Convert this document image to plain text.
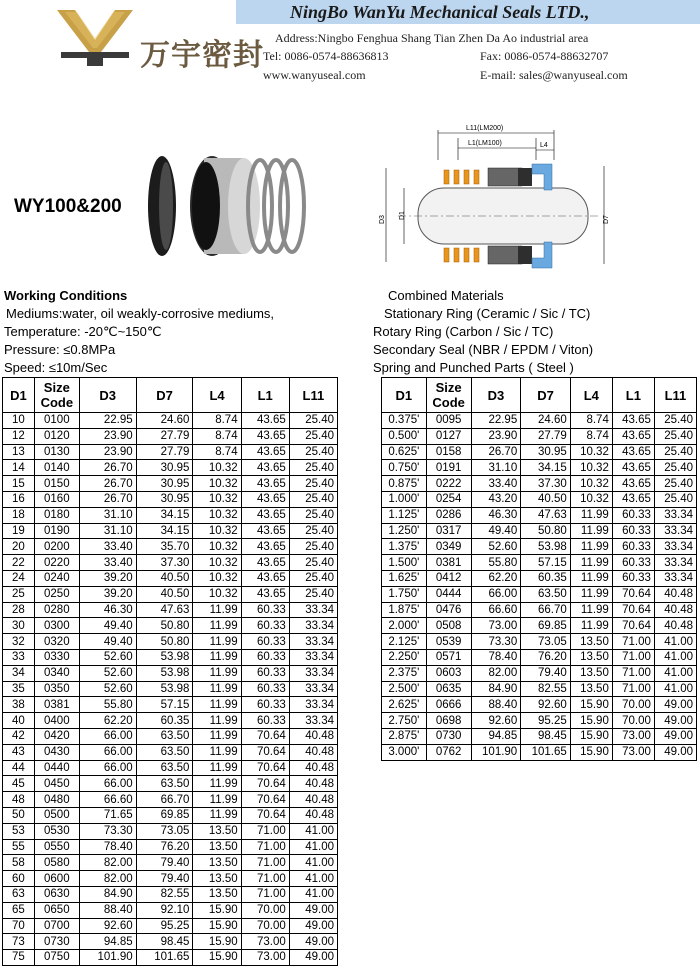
万宇密封
NingBo WanYu Mechanical Seals LTD.,
Address:Ningbo Fenghua Shang Tian Zhen Da Ao industrial area
Tel: 0086-0574-88636813	Fax: 0086-0574-88632707
www.wanyuseal.com	E-mail: sales@wanyuseal.com
WY100&200
L11(LM200)
L1(LM100)	L4
D3 D1	D7
Working Conditions
Mediums:water, oil weakly-corrosive mediums,
Temperature: -20℃~150℃
Pressure: ≤0.8MPa
Speed: ≤10m/Sec
Combined Materials
Stationary Ring (Ceramic / Sic / TC)
Rotary Ring (Carbon / Sic / TC)
Secondary Seal (NBR / EPDM / Viton)
Spring and Punched Parts ( Steel )
D1	Size Code	D3	D7	L4	L1	L11
10	0100	22.95	24.60	8.74	43.65	25.40
12	0120	23.90	27.79	8.74	43.65	25.40
13	0130	23.90	27.79	8.74	43.65	25.40
14	0140	26.70	30.95	10.32	43.65	25.40
15	0150	26.70	30.95	10.32	43.65	25.40
16	0160	26.70	30.95	10.32	43.65	25.40
18	0180	31.10	34.15	10.32	43.65	25.40
19	0190	31.10	34.15	10.32	43.65	25.40
20	0200	33.40	35.70	10.32	43.65	25.40
22	0220	33.40	37.30	10.32	43.65	25.40
24	0240	39.20	40.50	10.32	43.65	25.40
25	0250	39.20	40.50	10.32	43.65	25.40
28	0280	46.30	47.63	11.99	60.33	33.34
30	0300	49.40	50.80	11.99	60.33	33.34
32	0320	49.40	50.80	11.99	60.33	33.34
33	0330	52.60	53.98	11.99	60.33	33.34
34	0340	52.60	53.98	11.99	60.33	33.34
35	0350	52.60	53.98	11.99	60.33	33.34
38	0381	55.80	57.15	11.99	60.33	33.34
40	0400	62.20	60.35	11.99	60.33	33.34
42	0420	66.00	63.50	11.99	70.64	40.48
43	0430	66.00	63.50	11.99	70.64	40.48
44	0440	66.00	63.50	11.99	70.64	40.48
45	0450	66.00	63.50	11.99	70.64	40.48
48	0480	66.60	66.70	11.99	70.64	40.48
50	0500	71.65	69.85	11.99	70.64	40.48
53	0530	73.30	73.05	13.50	71.00	41.00
55	0550	78.40	76.20	13.50	71.00	41.00
58	0580	82.00	79.40	13.50	71.00	41.00
60	0600	82.00	79.40	13.50	71.00	41.00
63	0630	84.90	82.55	13.50	71.00	41.00
65	0650	88.40	92.10	15.90	70.00	49.00
70	0700	92.60	95.25	15.90	70.00	49.00
73	0730	94.85	98.45	15.90	73.00	49.00
75	0750	101.90	101.65	15.90	73.00	49.00
D1	Size Code	D3	D7	L4	L1	L11
0.375'	0095	22.95	24.60	8.74	43.65	25.40
0.500'	0127	23.90	27.79	8.74	43.65	25.40
0.625'	0158	26.70	30.95	10.32	43.65	25.40
0.750'	0191	31.10	34.15	10.32	43.65	25.40
0.875'	0222	33.40	37.30	10.32	43.65	25.40
1.000'	0254	43.20	40.50	10.32	43.65	25.40
1.125'	0286	46.30	47.63	11.99	60.33	33.34
1.250'	0317	49.40	50.80	11.99	60.33	33.34
1.375'	0349	52.60	53.98	11.99	60.33	33.34
1.500'	0381	55.80	57.15	11.99	60.33	33.34
1.625'	0412	62.20	60.35	11.99	60.33	33.34
1.750'	0444	66.00	63.50	11.99	70.64	40.48
1.875'	0476	66.60	66.70	11.99	70.64	40.48
2.000'	0508	73.00	69.85	11.99	70.64	40.48
2.125'	0539	73.30	73.05	13.50	71.00	41.00
2.250'	0571	78.40	76.20	13.50	71.00	41.00
2.375'	0603	82.00	79.40	13.50	71.00	41.00
2.500'	0635	84.90	82.55	13.50	71.00	41.00
2.625'	0666	88.40	92.60	15.90	70.00	49.00
2.750'	0698	92.60	95.25	15.90	70.00	49.00
2.875'	0730	94.85	98.45	15.90	73.00	49.00
3.000'	0762	101.90	101.65	15.90	73.00	49.00
